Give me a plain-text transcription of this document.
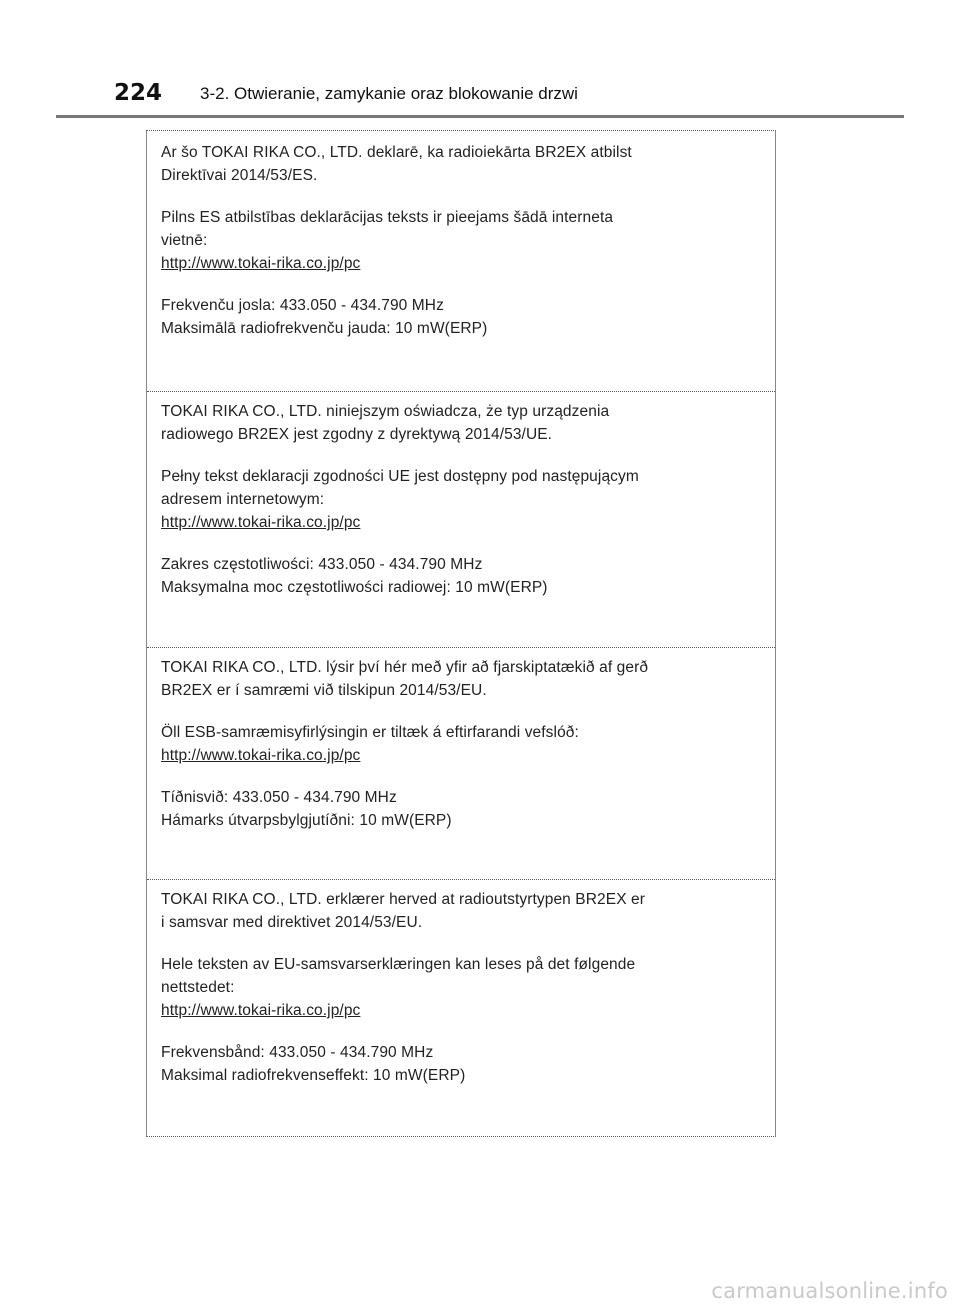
224 3-2. Otwieranie, zamykanie oraz blokowanie drzwi

Ar šo TOKAI RIKA CO., LTD. deklarē, ka radioiekārta BR2EX atbilst

Direktīvai 2014/53/ES.

Pilns ES atbilstības deklarācijas teksts ir pieejams šādā interneta

vietnē:

http://www.tokai-rika.co.jp/pc

Frekvenču josla: 433.050 - 434.790 MHz

Maksimālā radiofrekvenču jauda: 10 mW(ERP)

TOKAI RIKA CO., LTD. niniejszym oświadcza, że typ urządzenia

radiowego BR2EX jest zgodny z dyrektywą 2014/53/UE.

Pełny tekst deklaracji zgodności UE jest dostępny pod następującym

adresem internetowym:

http://www.tokai-rika.co.jp/pc

Zakres częstotliwości: 433.050 - 434.790 MHz

Maksymalna moc częstotliwości radiowej: 10 mW(ERP)

TOKAI RIKA CO., LTD. lýsir því hér með yfir að fjarskiptatækið af gerð

BR2EX er í samræmi við tilskipun 2014/53/EU.

Öll ESB-samræmisyfirlýsingin er tiltæk á eftirfarandi vefslóð:

http://www.tokai-rika.co.jp/pc

Tíðnisvið: 433.050 - 434.790 MHz

Hámarks útvarpsbylgjutíðni: 10 mW(ERP)

TOKAI RIKA CO., LTD. erklærer herved at radioutstyrtypen BR2EX er

i samsvar med direktivet 2014/53/EU.

Hele teksten av EU-samsvarserklæringen kan leses på det følgende

nettstedet:

http://www.tokai-rika.co.jp/pc

Frekvensbånd: 433.050 - 434.790 MHz

Maksimal radiofrekvenseffekt: 10 mW(ERP)

carmanualsonline.info
